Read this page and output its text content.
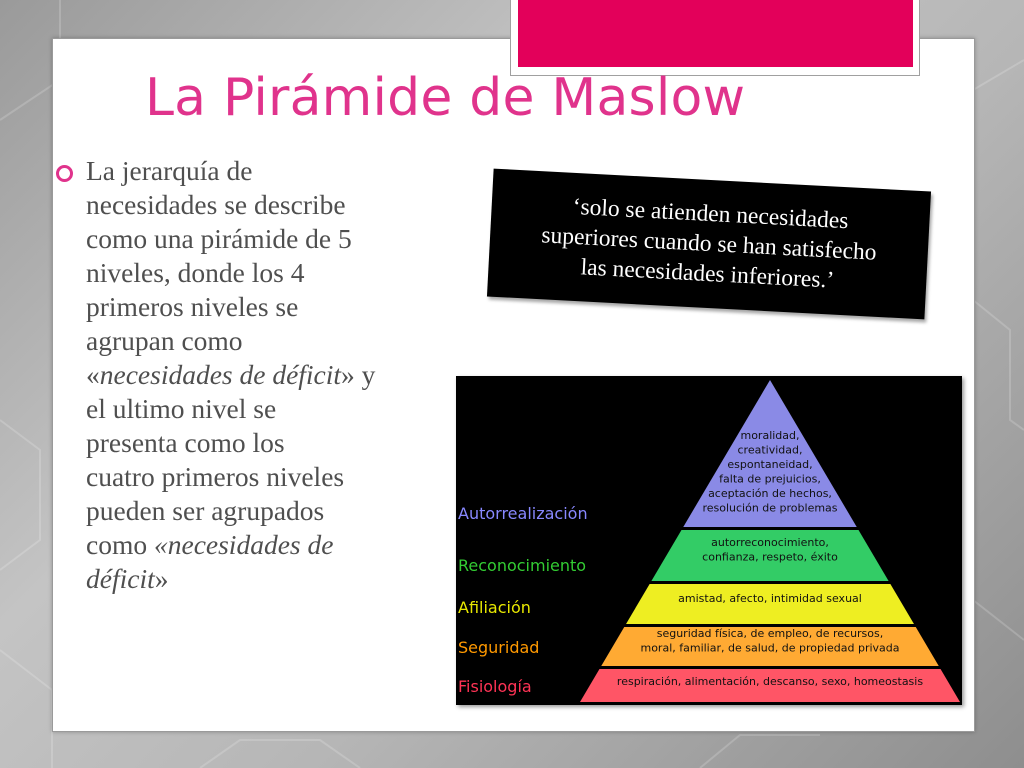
La Pirámide de Maslow
La jerarquía de
necesidades se describe
como una pirámide de 5
niveles, donde los 4
primeros niveles se
agrupan como
«necesidades de déficit» y
el ultimo nivel se
presenta como los
cuatro primeros niveles
pueden ser agrupados
como «necesidades de
déficit»
‘solo se atienden necesidades
superiores cuando se han satisfecho
las necesidades inferiores.’
moralidad,
creatividad,
espontaneidad,
falta de prejuicios,
aceptación de hechos,
resolución de problemas
Autorrealización
autorreconocimiento,
confianza, respeto, éxito
Reconocimiento
amistad, afecto, intimidad sexual
Afiliación
seguridad física, de empleo, de recursos,
moral, familiar, de salud, de propiedad privada
Seguridad
respiración, alimentación, descanso, sexo, homeostasis
Fisiología
